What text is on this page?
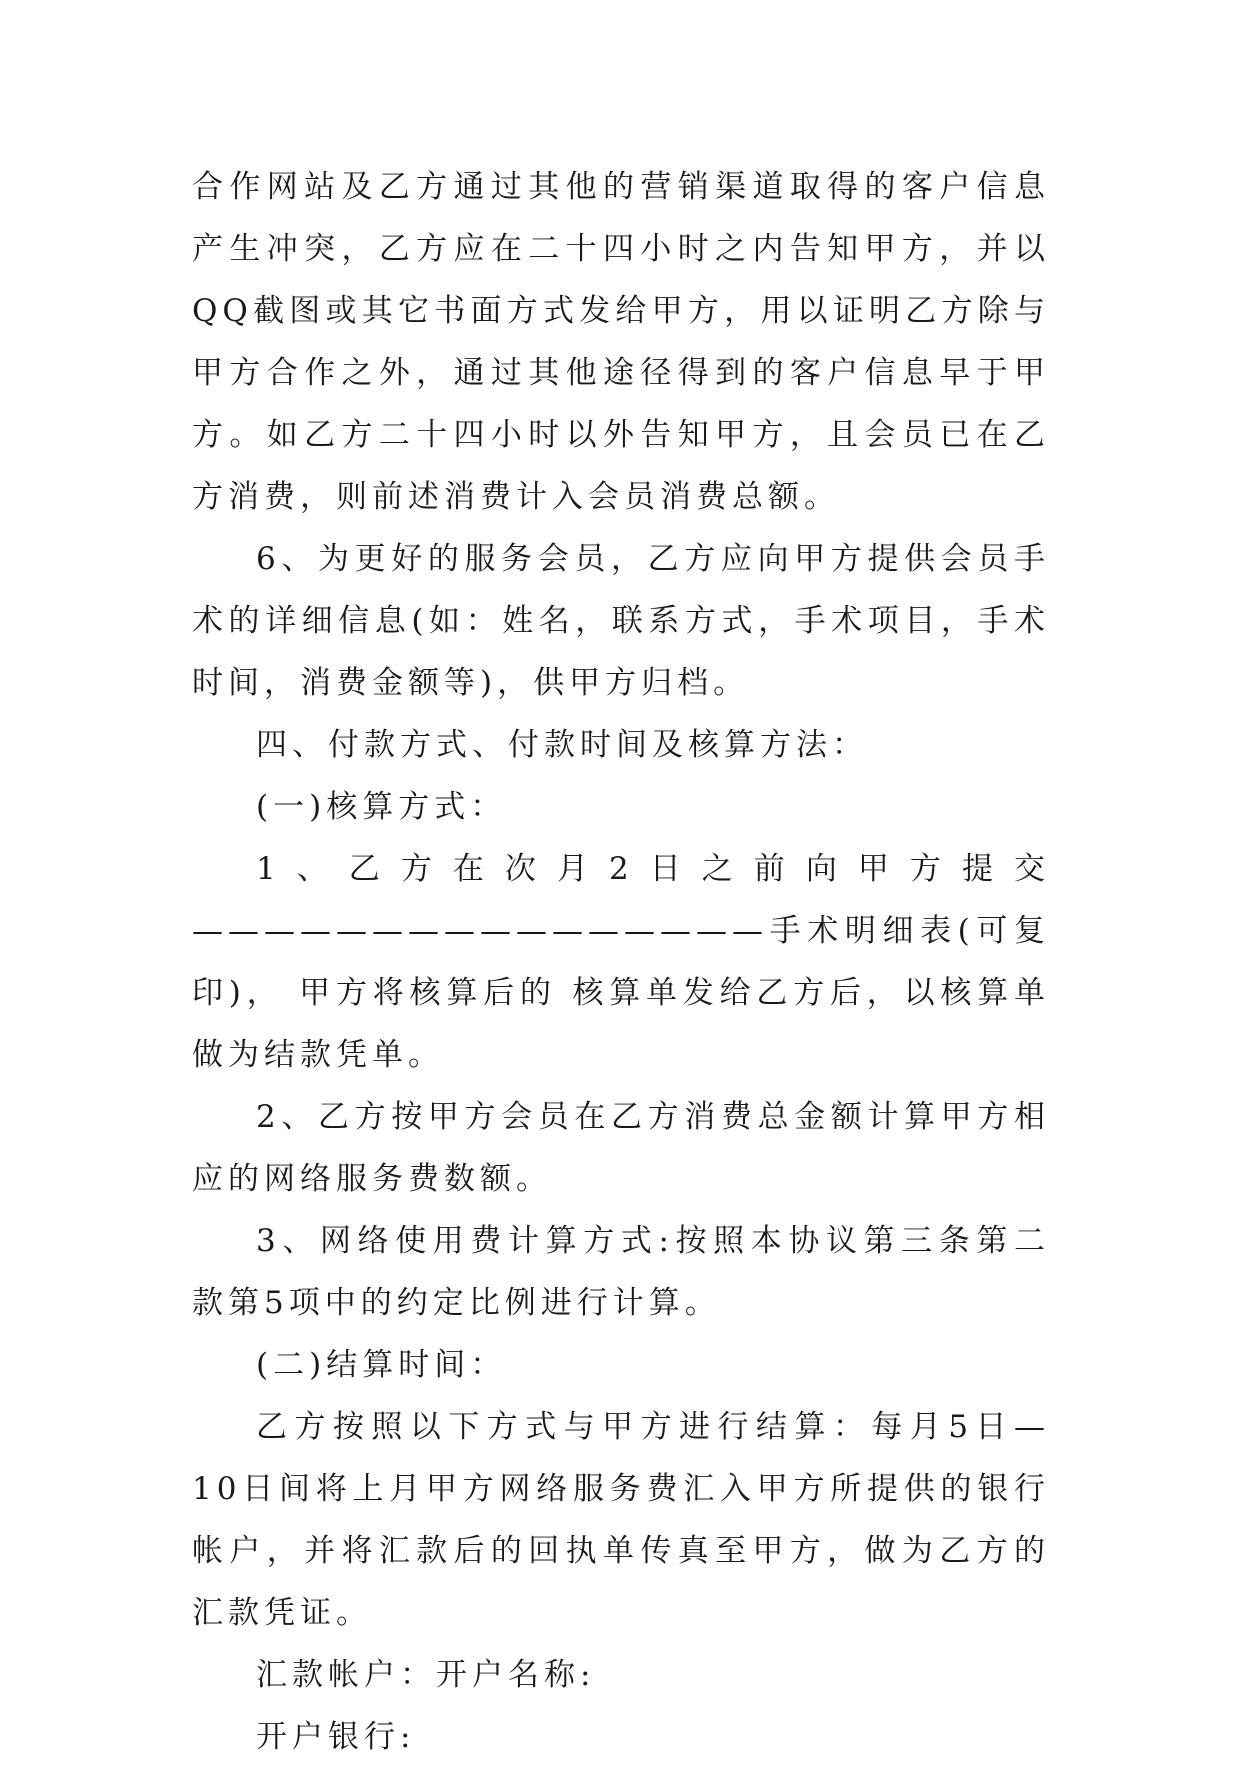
合作网站及乙方通过其他的营销渠道取得的客户信息产生冲突，乙方应在二十四小时之内告知甲方，并以QQ截图或其它书面方式发给甲方，用以证明乙方除与甲方合作之外，通过其他途径得到的客户信息早于甲方。如乙方二十四小时以外告知甲方，且会员已在乙方消费，则前述消费计入会员消费总额。

6、为更好的服务会员，乙方应向甲方提供会员手术的详细信息(如：姓名，联系方式，手术项目，手术时间，消费金额等)，供甲方归档。

四、付款方式、付款时间及核算方法：

(一)核算方式：

1、乙方在次月2日之前向甲方提交

————————————————手术明细表(可复印)， 甲方将核算后的 核算单发给乙方后，以核算单做为结款凭单。

2、乙方按甲方会员在乙方消费总金额计算甲方相应的网络服务费数额。

3、网络使用费计算方式:按照本协议第三条第二款第5项中的约定比例进行计算。

(二)结算时间：

乙方按照以下方式与甲方进行结算：每月5日—10日间将上月甲方网络服务费汇入甲方所提供的银行帐户，并将汇款后的回执单传真至甲方，做为乙方的汇款凭证。

汇款帐户：开户名称:

开户银行:
